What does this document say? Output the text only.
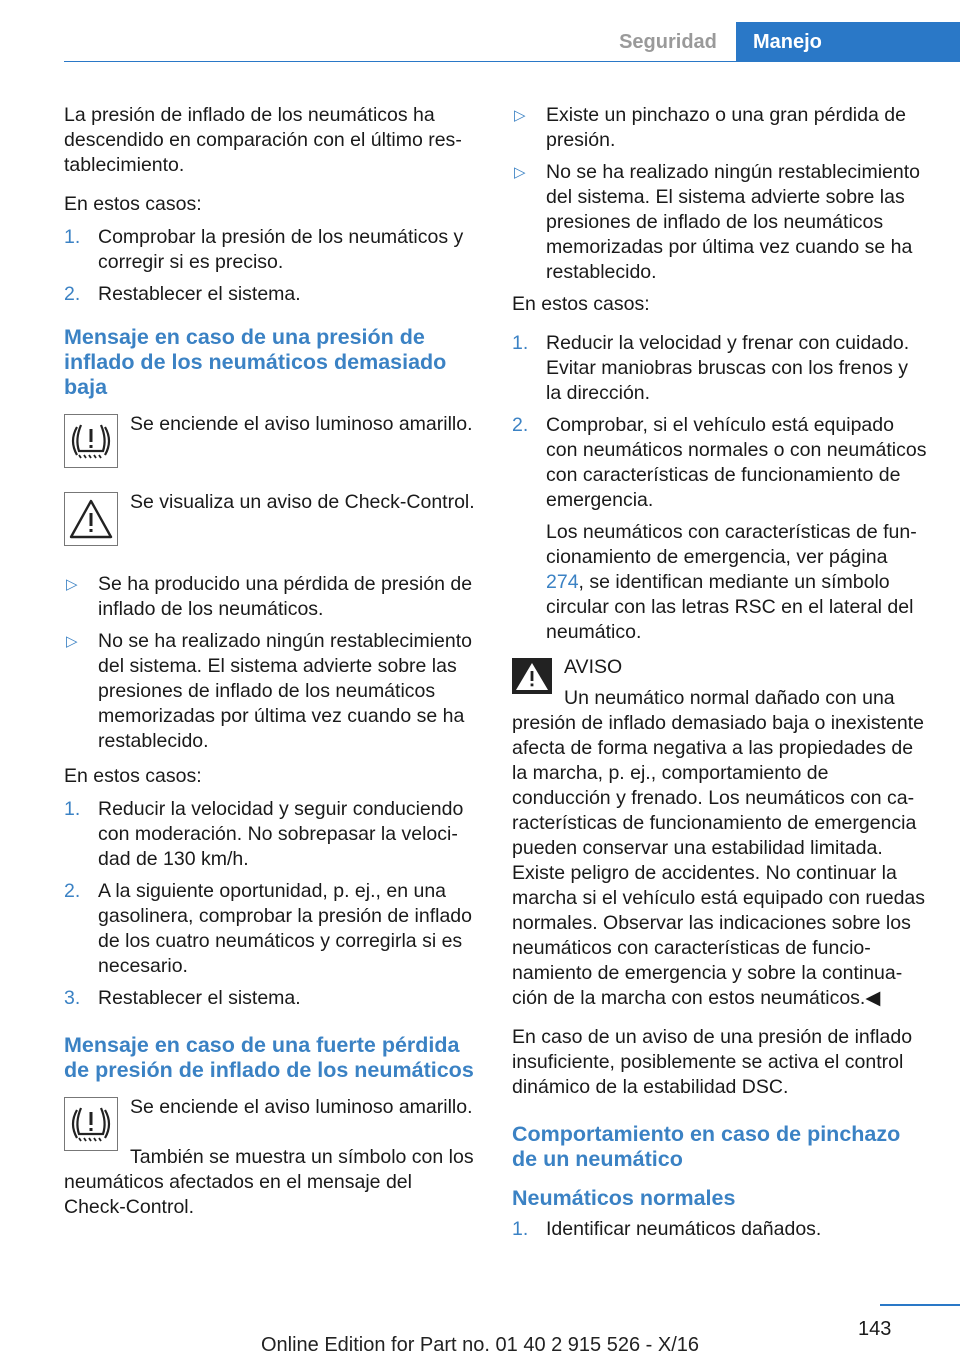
Seguridad	Manejo

La presión de inflado de los neumáticos ha descendido en comparación con el último restablecimiento.

En estos casos:

1. Comprobar la presión de los neumáticos y corregir si es preciso.
2. Restablecer el sistema.
Mensaje en caso de una presión de inflado de los neumáticos demasiado baja
Se enciende el aviso luminoso amarillo.
Se visualiza un aviso de Check-Control.
▷ Se ha producido una pérdida de presión de inflado de los neumáticos.
▷ No se ha realizado ningún restablecimiento del sistema. El sistema advierte sobre las presiones de inflado de los neumáticos memorizadas por última vez cuando se ha restablecido.

En estos casos:

1. Reducir la velocidad y seguir conduciendo con moderación. No sobrepasar la velocidad de 130 km/h.
2. A la siguiente oportunidad, p. ej., en una gasolinera, comprobar la presión de inflado de los cuatro neumáticos y corregirla si es necesario.
3. Restablecer el sistema.
Mensaje en caso de una fuerte pérdida de presión de inflado de los neumáticos
Se enciende el aviso luminoso amarillo.

También se muestra un símbolo con los neumáticos afectados en el mensaje del Check-Control.

▷ Existe un pinchazo o una gran pérdida de presión.
▷ No se ha realizado ningún restablecimiento del sistema. El sistema advierte sobre las presiones de inflado de los neumáticos memorizadas por última vez cuando se ha restablecido.

En estos casos:

1. Reducir la velocidad y frenar con cuidado. Evitar maniobras bruscas con los frenos y la dirección.
2. Comprobar, si el vehículo está equipado con neumáticos normales o con neumáticos con características de funcionamiento de emergencia.
Los neumáticos con características de funcionamiento de emergencia, ver página 274, se identifican mediante un símbolo circular con las letras RSC en el lateral del neumático.
AVISO
Un neumático normal dañado con una presión de inflado demasiado baja o inexistente afecta de forma negativa a las propiedades de la marcha, p. ej., comportamiento de conducción y frenado. Los neumáticos con características de funcionamiento de emergencia pueden conservar una estabilidad limitada. Existe peligro de accidentes. No continuar la marcha si el vehículo está equipado con ruedas normales. Observar las indicaciones sobre los neumáticos con características de funcionamiento de emergencia y sobre la continuación de la marcha con estos neumáticos.◀

En caso de un aviso de una presión de inflado insuficiente, posiblemente se activa el control dinámico de la estabilidad DSC.

Comportamiento en caso de pinchazo de un neumático
Neumáticos normales
1. Identificar neumáticos dañados.
143
Online Edition for Part no. 01 40 2 915 526 - X/16
